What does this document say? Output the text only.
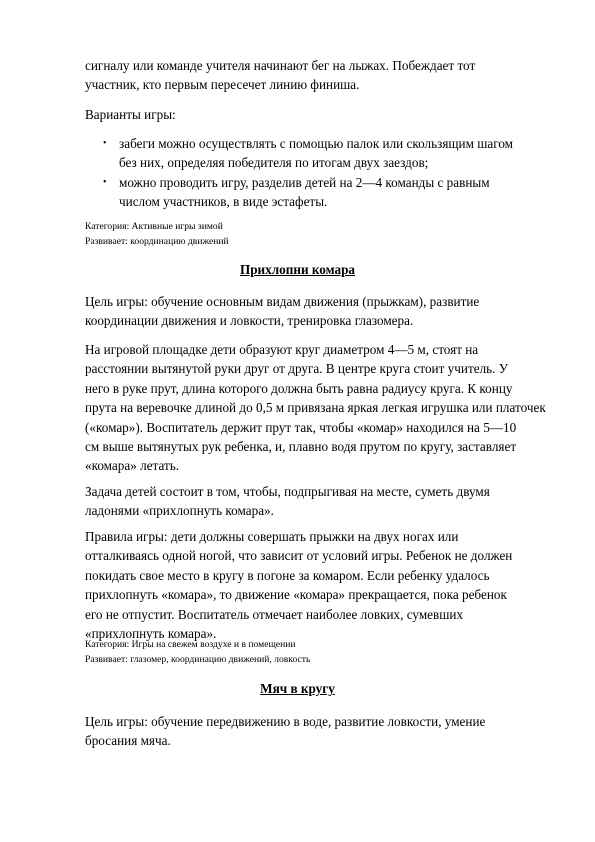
сигналу или команде учителя начинают бег на лыжах. Побеждает тот
участник, кто первым пересечет линию финиша.
Варианты игры:
• забеги можно осуществлять с помощью палок или скользящим шагом
без них, определяя победителя по итогам двух заездов;
• можно проводить игру, разделив детей на 2—4 команды с равным
числом участников, в виде эстафеты.
Категория: Активные игры зимой
Развивает: координацию движений
Прихлопни комара
Цель игры: обучение основным видам движения (прыжкам), развитие
координации движения и ловкости, тренировка глазомера.
На игровой площадке дети образуют круг диаметром 4—5 м, стоят на
расстоянии вытянутой руки друг от друга. В центре круга стоит учитель. У
него в руке прут, длина которого должна быть равна радиусу круга. К концу
прута на веревочке длиной до 0,5 м привязана яркая легкая игрушка или платочек
(«комар»). Воспитатель держит прут так, чтобы «комар» находился на 5—10
см выше вытянутых рук ребенка, и, плавно водя прутом по кругу, заставляет
«комара» летать.
Задача детей состоит в том, чтобы, подпрыгивая на месте, суметь двумя
ладонями «прихлопнуть комара».
Правила игры: дети должны совершать прыжки на двух ногах или
отталкиваясь одной ногой, что зависит от условий игры. Ребенок не должен
покидать свое место в кругу в погоне за комаром. Если ребенку удалось
прихлопнуть «комара», то движение «комара» прекращается, пока ребенок
его не отпустит. Воспитатель отмечает наиболее ловких, сумевших
«прихлопнуть комара».
Категория: Игры на свежем воздухе и в помещении
Развивает: глазомер, координацию движений, ловкость
Мяч в кругу
Цель игры: обучение передвижению в воде, развитие ловкости, умение
бросания мяча.
